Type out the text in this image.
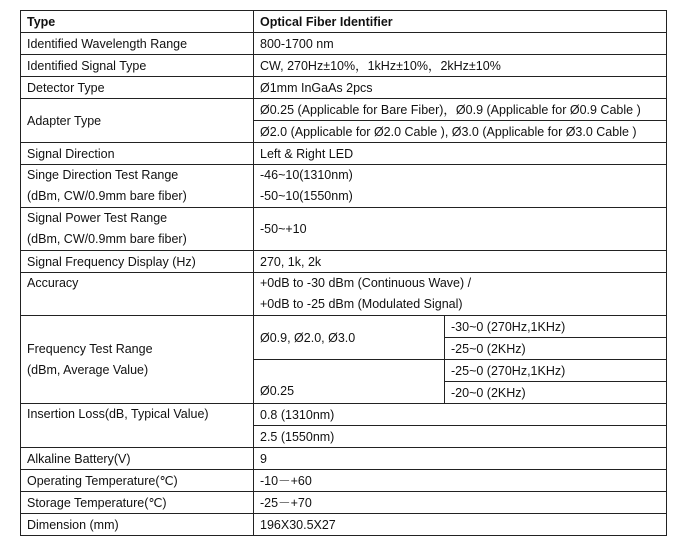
Type	Optical Fiber Identifier	
Identified Wavelength Range	800-1700 nm	
Identified Signal Type	CW, 270Hz±10%，1kHz±10%，2kHz±10%	
Detector Type	Ø1mm InGaAs 2pcs	
Adapter Type	Ø0.25 (Applicable for Bare Fiber)，Ø0.9 (Applicable for Ø0.9 Cable )	
	Ø2.0 (Applicable for Ø2.0 Cable ), Ø3.0 (Applicable for Ø3.0 Cable )	
Signal Direction	Left & Right LED	

Singe Direction Test Range
(dBm, CW/0.9mm bare fiber)	-46~10(1310nm)
-50~10(1550nm)	

Signal Power Test Range
(dBm, CW/0.9mm bare fiber)	-50~+10	
Signal Frequency Display (Hz)	270, 1k, 2k	

Accuracy	+0dB to -30 dBm (Continuous Wave) /
+0dB to -25 dBm (Modulated Signal)	

Frequency Test Range
(dBm, Average Value)	Ø0.9, Ø2.0, Ø3.0	-30~0 (270Hz,1KHz)
		-25~0 (2KHz)
	Ø0.25	-25~0 (270Hz,1KHz)
		-20~0 (2KHz)

Insertion Loss(dB, Typical Value)	0.8 (1310nm)	
	2.5 (1550nm)	
Alkaline Battery(V)	9	
Operating Temperature(℃)	-10－+60	
Storage Temperature(℃)	-25－+70	
Dimension (mm)	196X30.5X27	
